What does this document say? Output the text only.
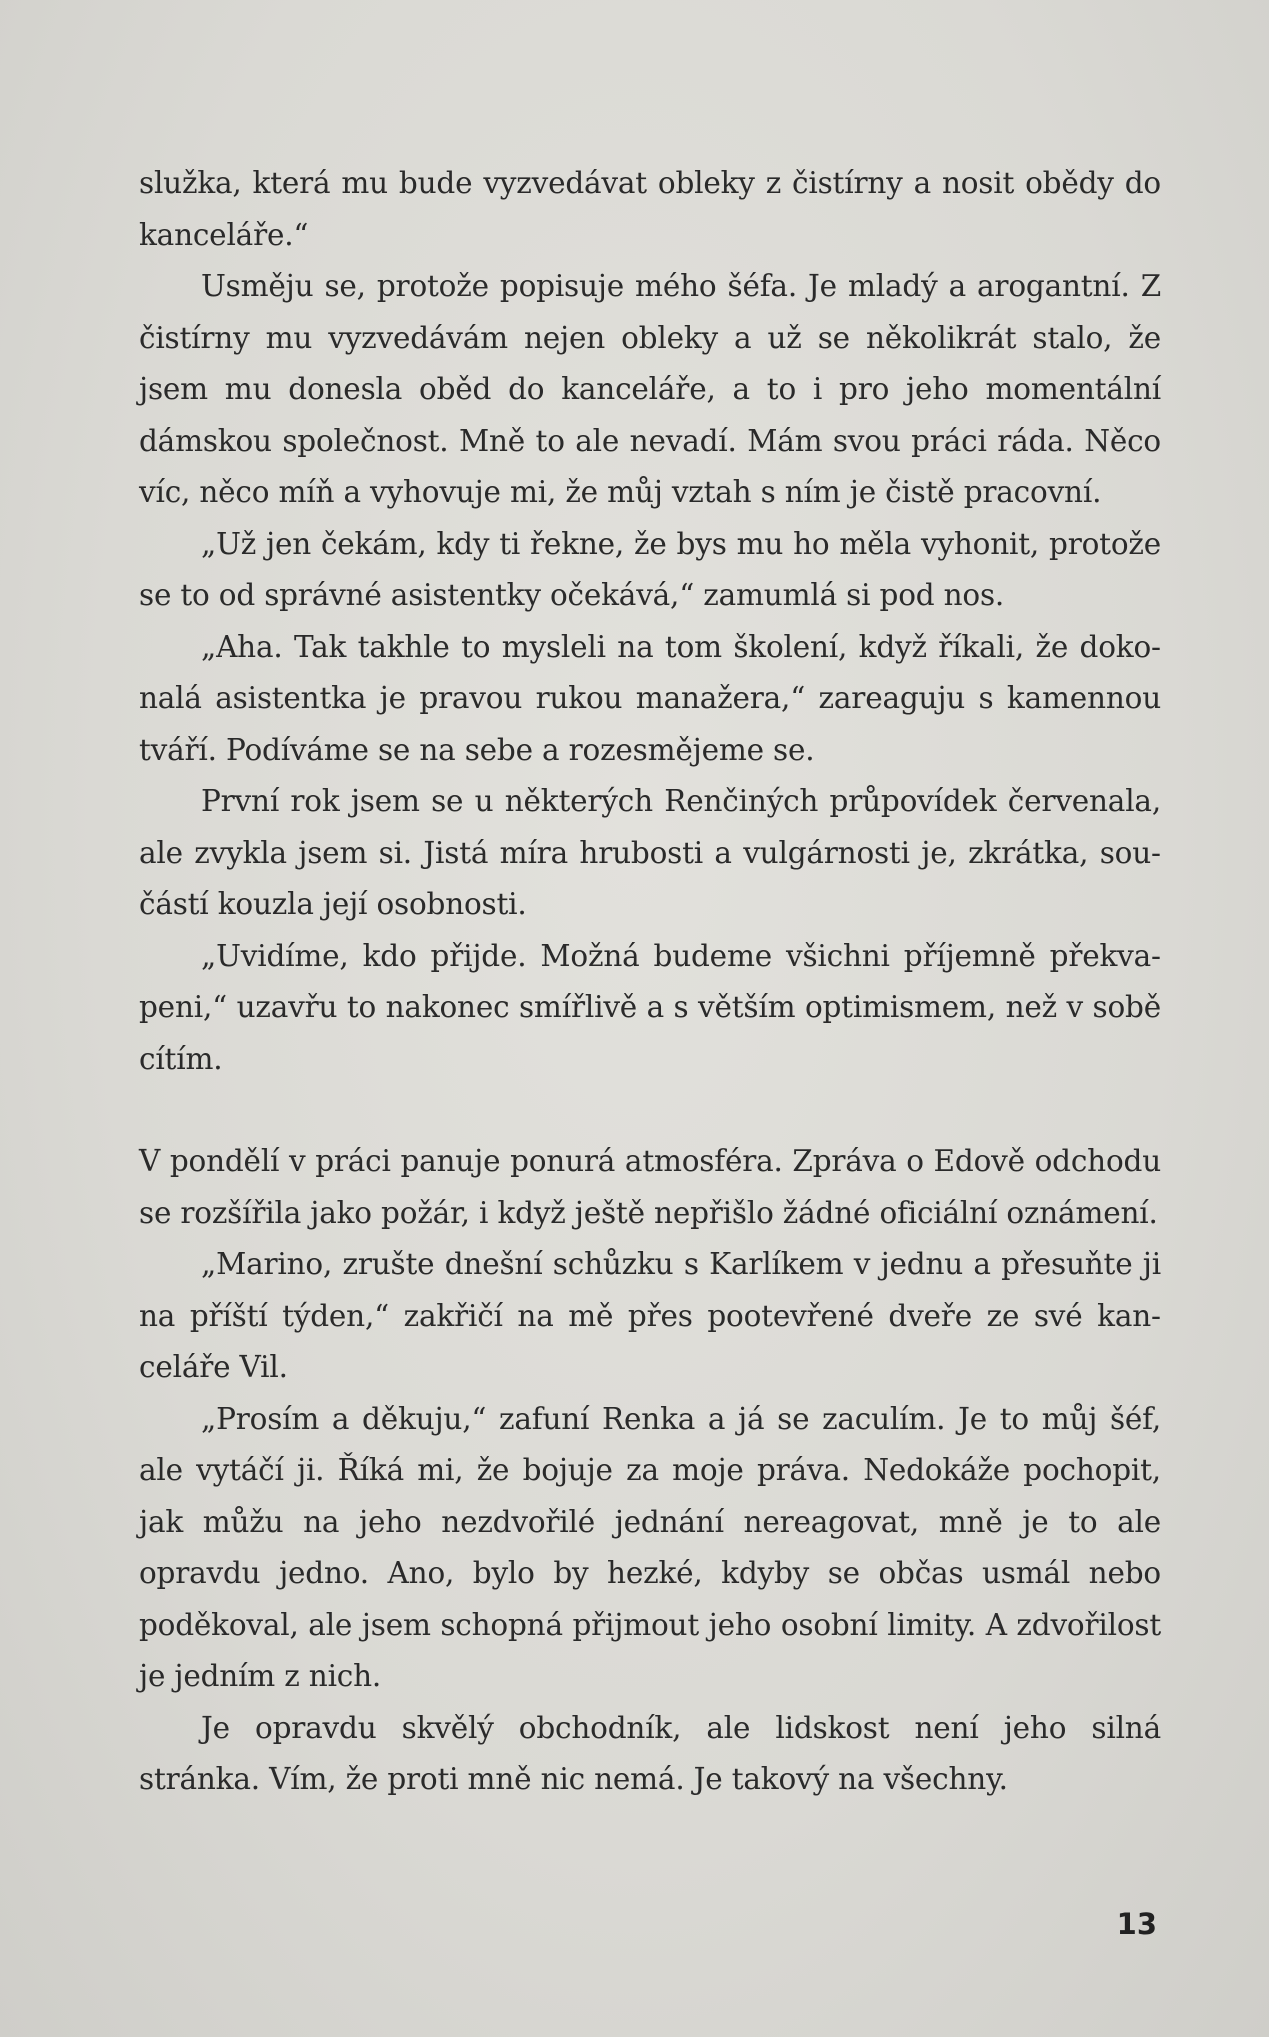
služka, která mu bude vyzvedávat obleky z čistírny a nosit obědy do kanceláře.“

Usměju se, protože popisuje mého šéfa. Je mladý a arogantní. Z čistírny mu vyzvedávám nejen obleky a už se několikrát stalo, že jsem mu donesla oběd do kanceláře, a to i pro jeho momentální dámskou společnost. Mně to ale nevadí. Mám svou práci ráda. Něco víc, něco míň a vyhovuje mi, že můj vztah s ním je čistě pracovní.

„Už jen čekám, kdy ti řekne, že bys mu ho měla vyhonit, protože se to od správné asistentky očekává,“ zamumlá si pod nos.

„Aha. Tak takhle to mysleli na tom školení, když říkali, že dokonalá asistentka je pravou rukou manažera,“ zareaguju s kamennou tváří. Podíváme se na sebe a rozesmějeme se.

První rok jsem se u některých Renčiných průpovídek červenala, ale zvykla jsem si. Jistá míra hrubosti a vulgárnosti je, zkrátka, součástí kouzla její osobnosti.

„Uvidíme, kdo přijde. Možná budeme všichni příjemně překvapeni,“ uzavřu to nakonec smířlivě a s větším optimismem, než v sobě cítím.

V pondělí v práci panuje ponurá atmosféra. Zpráva o Edově odchodu se rozšířila jako požár, i když ještě nepřišlo žádné oficiální oznámení.

„Marino, zrušte dnešní schůzku s Karlíkem v jednu a přesuňte ji na příští týden,“ zakřičí na mě přes pootevřené dveře ze své kanceláře Vil.

„Prosím a děkuju,“ zafuní Renka a já se zaculím. Je to můj šéf, ale vytáčí ji. Říká mi, že bojuje za moje práva. Nedokáže pochopit, jak můžu na jeho nezdvořilé jednání nereagovat, mně je to ale opravdu jedno. Ano, bylo by hezké, kdyby se občas usmál nebo poděkoval, ale jsem schopná přijmout jeho osobní limity. A zdvořilost je jedním z nich.

Je opravdu skvělý obchodník, ale lidskost není jeho silná stránka. Vím, že proti mně nic nemá. Je takový na všechny.

13
